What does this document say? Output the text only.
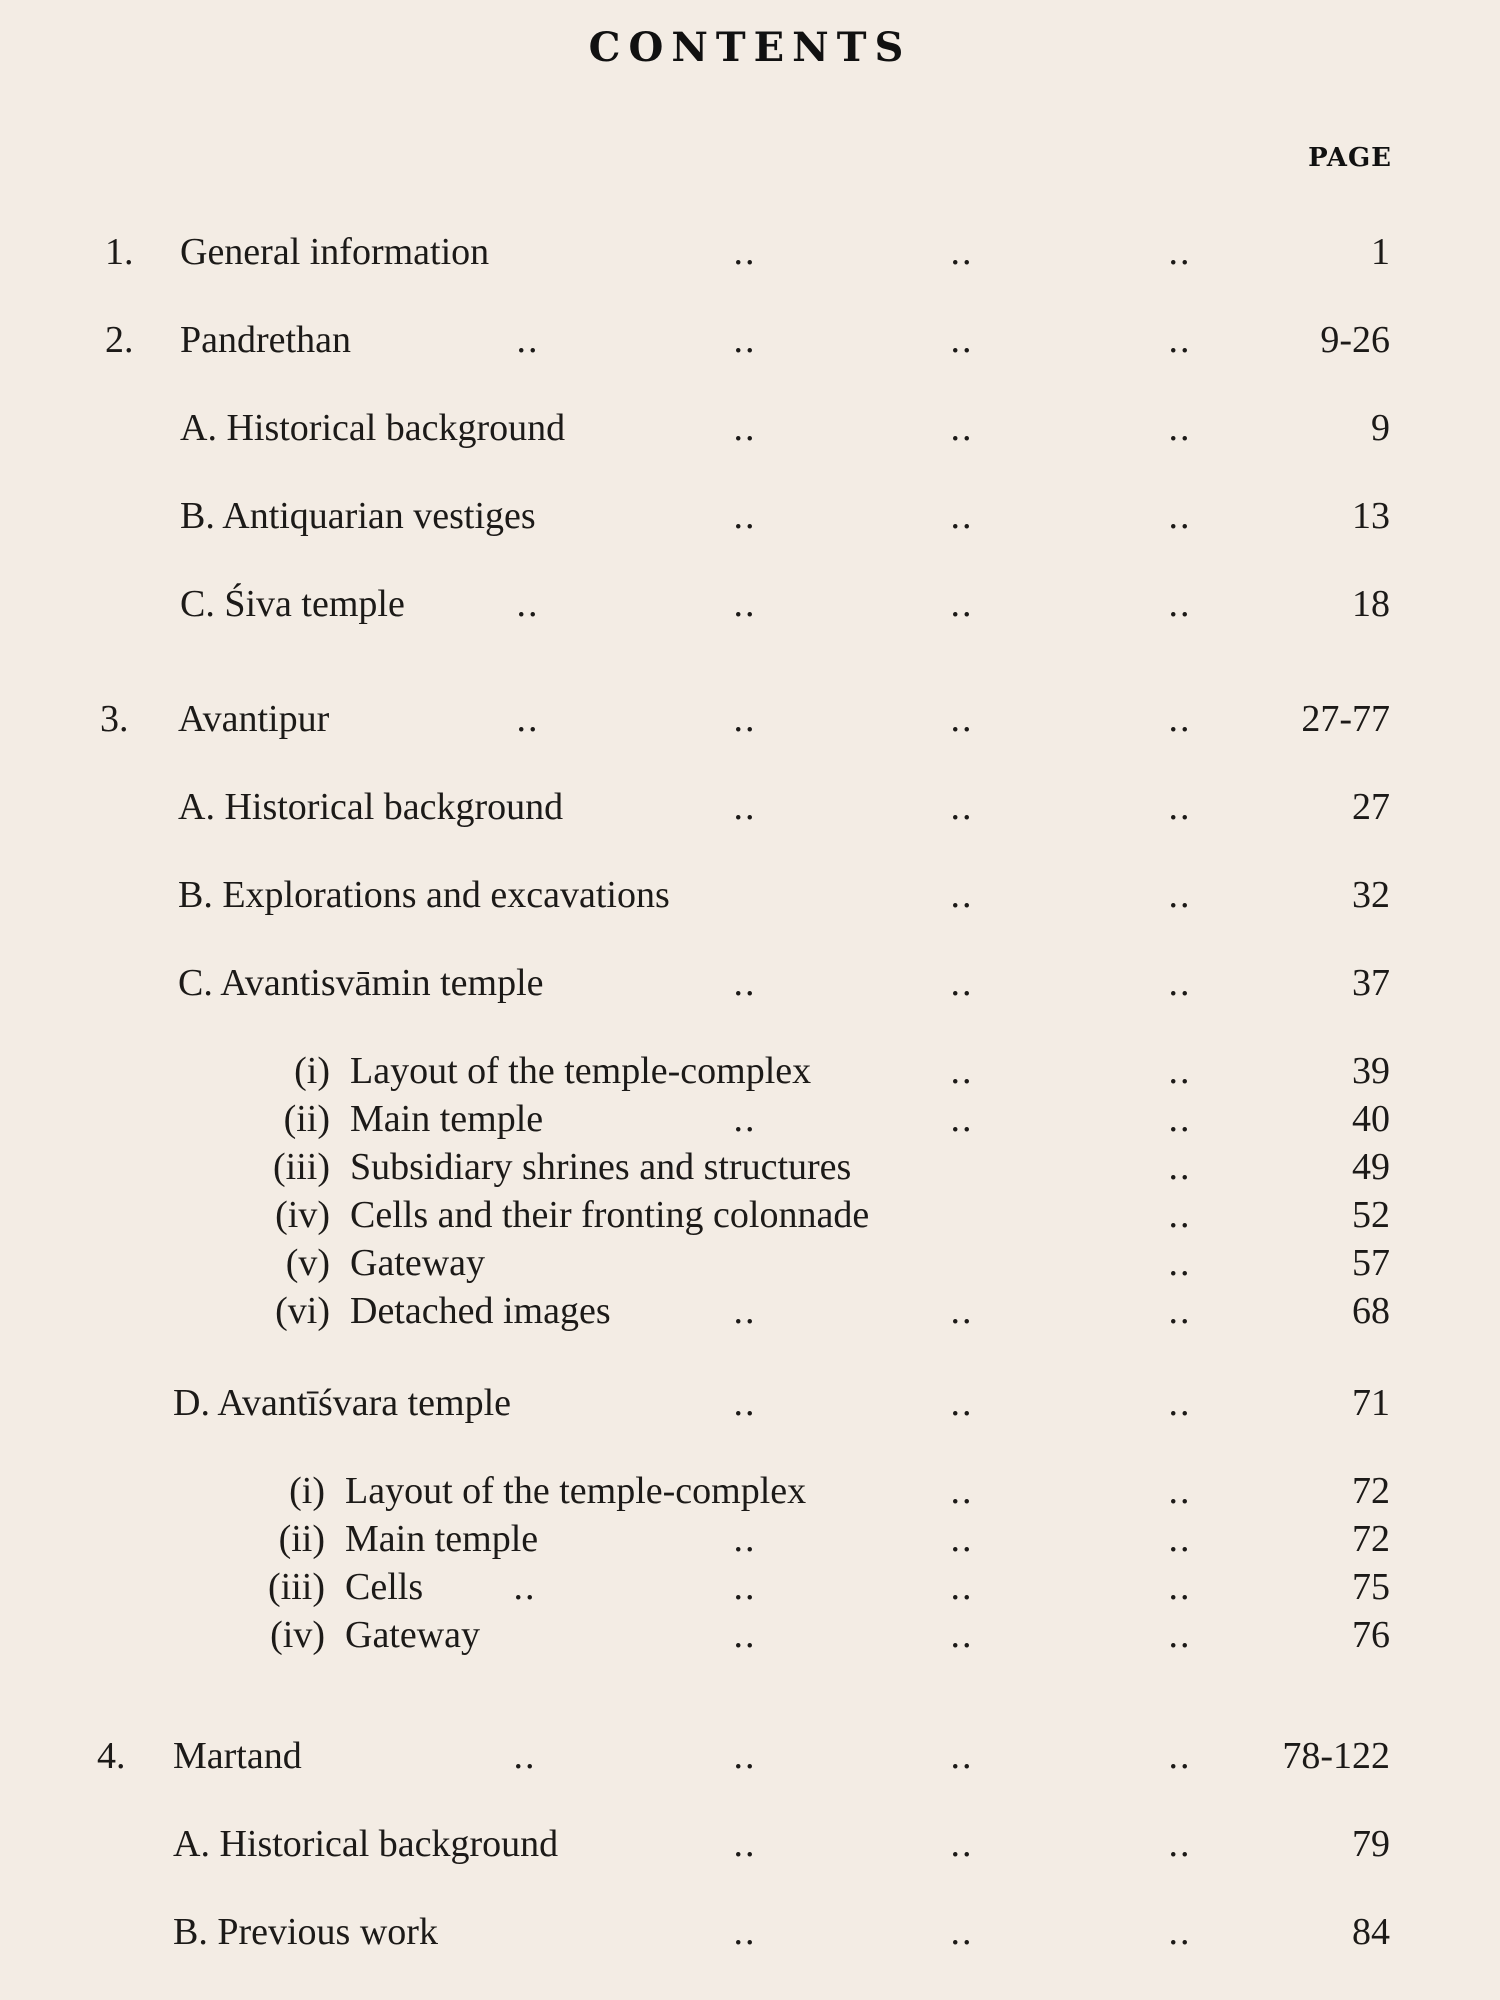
CONTENTS
PAGE
1. General information	..	..	..	1
2. Pandrethan	..	..	..	..	9-26
A. Historical background	..	..	..	9
B. Antiquarian vestiges	..	..	..	13
C. Śiva temple	..	..	..	..	18
3. Avantipur	..	..	..	..	27-77
A. Historical background	..	..	..	27
B. Explorations and excavations	..	..	32
C. Avantisvāmin temple	..	..	..	37
(i) Layout of the temple-complex	..	..	39
(ii) Main temple	..	..	..	40
(iii) Subsidiary shrines and structures	..	49
(iv) Cells and their fronting colonnade	..	52
(v) Gateway	..	57
(vi) Detached images	..	..	..	68
D. Avantīśvara temple	..	..	..	71
(i) Layout of the temple-complex	..	..	72
(ii) Main temple	..	..	..	72
(iii) Cells ..	..	..	..	75
(iv) Gateway	..	..	..	76
4. Martand	..	..	..	.. 78-122
A. Historical background	..	..	..	79
B. Previous work	..	..	..	84
